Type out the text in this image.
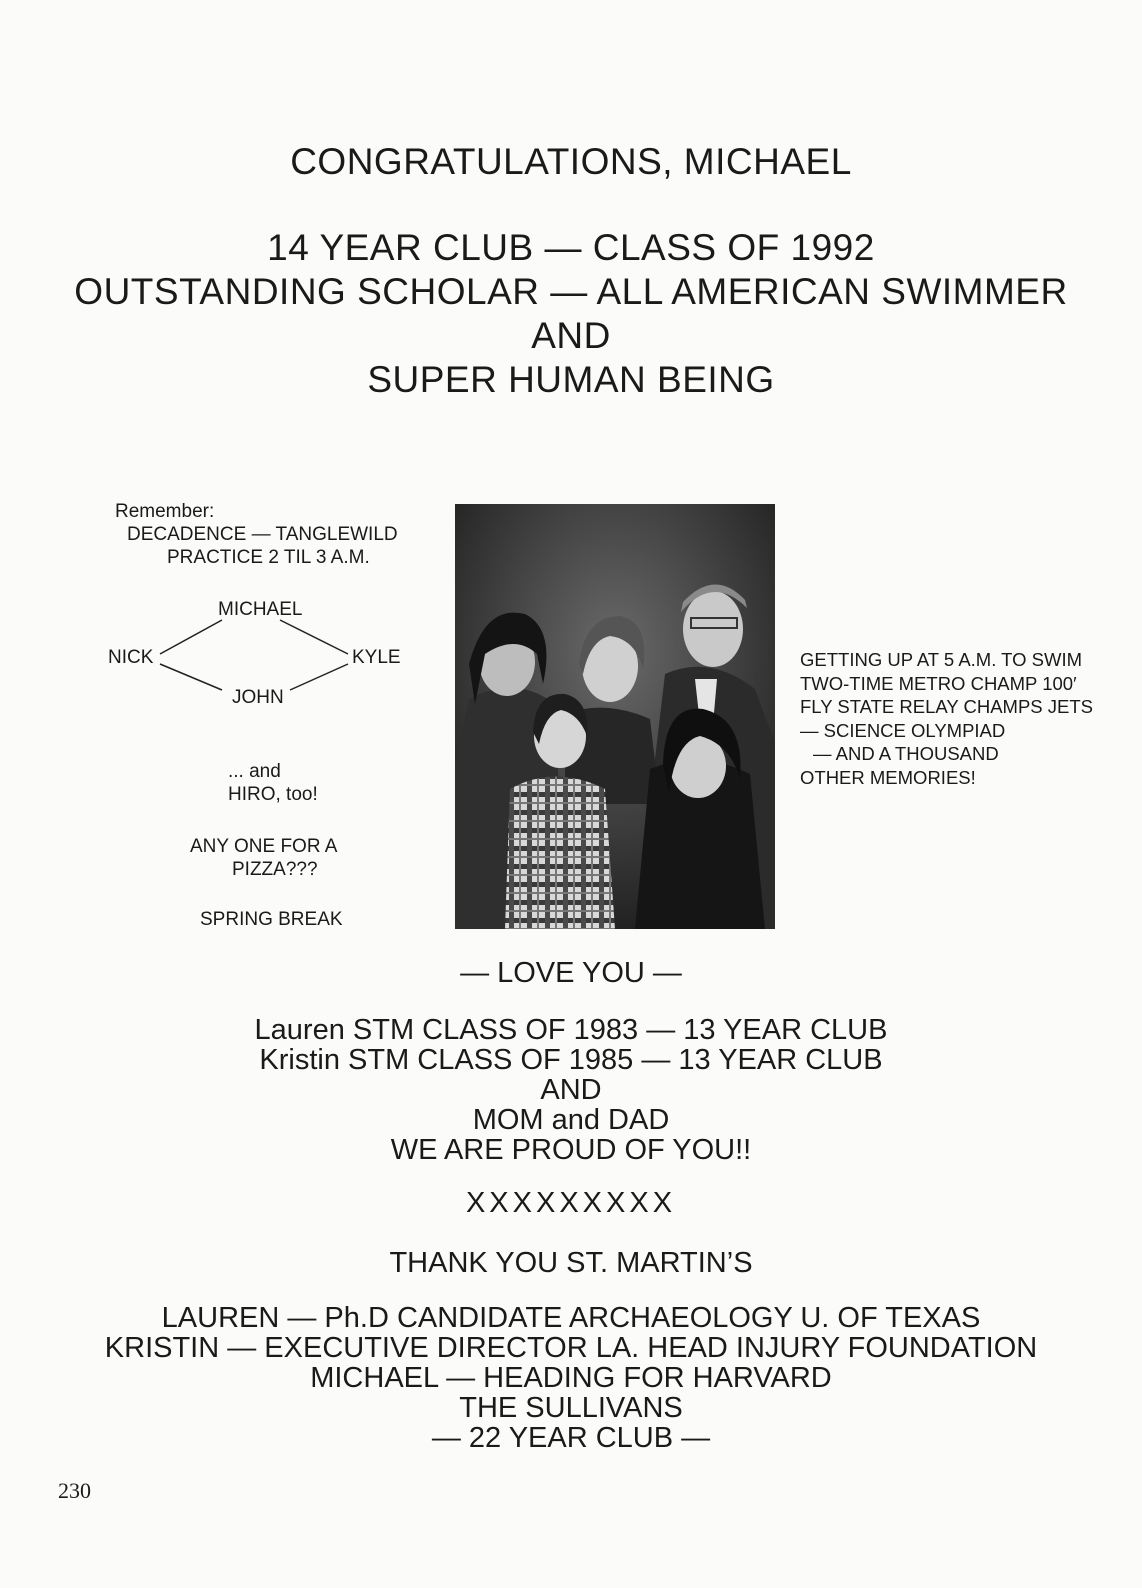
CONGRATULATIONS, MICHAEL

14 YEAR CLUB — CLASS OF 1992

OUTSTANDING SCHOLAR — ALL AMERICAN SWIMMER

AND

SUPER HUMAN BEING

Remember:
DECADENCE — TANGLEWILD
PRACTICE 2 TIL 3 A.M.
MICHAEL
NICK	KYLE
JOHN
... and
HIRO, too!
ANY ONE FOR A
PIZZA???
SPRING BREAK
GETTING UP AT 5 A.M. TO SWIM
TWO-TIME METRO CHAMP 100′
FLY STATE RELAY CHAMPS JETS
— SCIENCE OLYMPIAD
— AND A THOUSAND
OTHER MEMORIES!

— LOVE YOU —

Lauren STM CLASS OF 1983 — 13 YEAR CLUB

Kristin STM CLASS OF 1985 — 13 YEAR CLUB

AND

MOM and DAD

WE ARE PROUD OF YOU!!

XXXXXXXXX

THANK YOU ST. MARTIN’S

LAUREN — Ph.D CANDIDATE ARCHAEOLOGY U. OF TEXAS

KRISTIN — EXECUTIVE DIRECTOR LA. HEAD INJURY FOUNDATION

MICHAEL — HEADING FOR HARVARD

THE SULLIVANS

— 22 YEAR CLUB —

230
